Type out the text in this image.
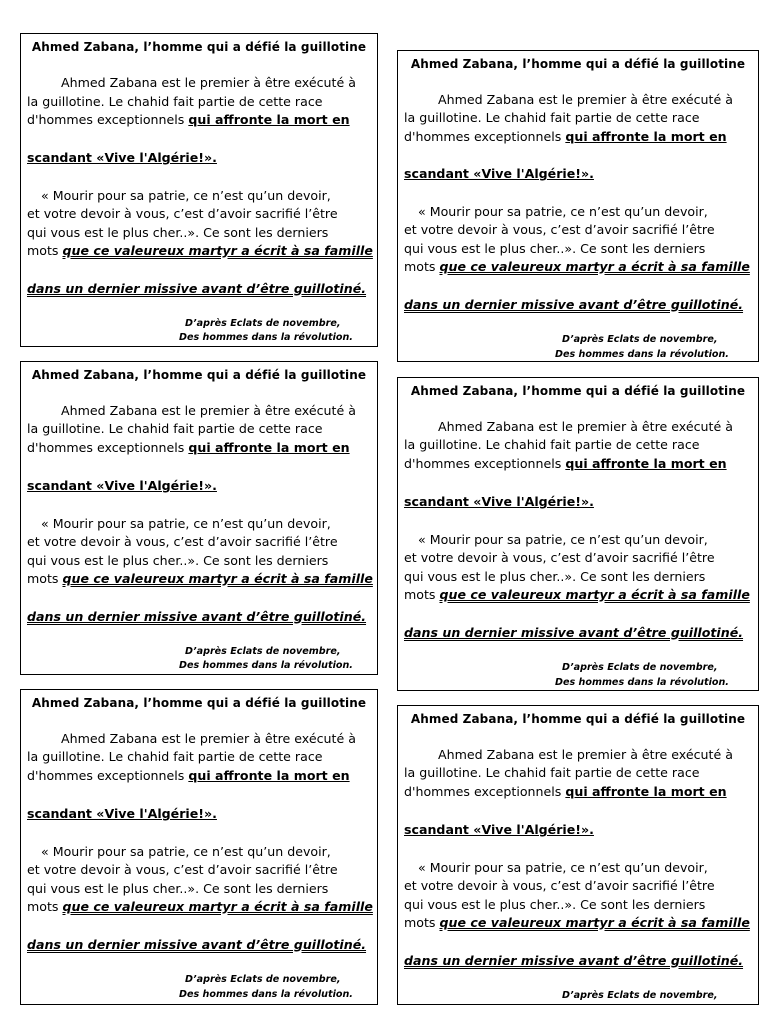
Ahmed Zabana, l’homme qui a défié la guillotine
Ahmed Zabana est le premier à être exécuté à
la guillotine. Le chahid fait partie de cette race
d'hommes exceptionnels qui affronte la mort en
scandant «Vive l'Algérie!».
« Mourir pour sa patrie, ce n’est qu’un devoir,
et votre devoir à vous, c’est d’avoir sacrifié l’être
qui vous est le plus cher..». Ce sont les derniers
mots que ce valeureux martyr a écrit à sa famille
dans un dernier missive avant d’être guillotiné.
D’après Eclats de novembre,
Des hommes dans la révolution.
Ahmed Zabana, l’homme qui a défié la guillotine
Ahmed Zabana est le premier à être exécuté à
la guillotine. Le chahid fait partie de cette race
d'hommes exceptionnels qui affronte la mort en
scandant «Vive l'Algérie!».
« Mourir pour sa patrie, ce n’est qu’un devoir,
et votre devoir à vous, c’est d’avoir sacrifié l’être
qui vous est le plus cher..». Ce sont les derniers
mots que ce valeureux martyr a écrit à sa famille
dans un dernier missive avant d’être guillotiné.
D’après Eclats de novembre,
Des hommes dans la révolution.
Ahmed Zabana, l’homme qui a défié la guillotine
Ahmed Zabana est le premier à être exécuté à
la guillotine. Le chahid fait partie de cette race
d'hommes exceptionnels qui affronte la mort en
scandant «Vive l'Algérie!».
« Mourir pour sa patrie, ce n’est qu’un devoir,
et votre devoir à vous, c’est d’avoir sacrifié l’être
qui vous est le plus cher..». Ce sont les derniers
mots que ce valeureux martyr a écrit à sa famille
dans un dernier missive avant d’être guillotiné.
D’après Eclats de novembre,
Des hommes dans la révolution.
Ahmed Zabana, l’homme qui a défié la guillotine
Ahmed Zabana est le premier à être exécuté à
la guillotine. Le chahid fait partie de cette race
d'hommes exceptionnels qui affronte la mort en
scandant «Vive l'Algérie!».
« Mourir pour sa patrie, ce n’est qu’un devoir,
et votre devoir à vous, c’est d’avoir sacrifié l’être
qui vous est le plus cher..». Ce sont les derniers
mots que ce valeureux martyr a écrit à sa famille
dans un dernier missive avant d’être guillotiné.
D’après Eclats de novembre,
Des hommes dans la révolution.
Ahmed Zabana, l’homme qui a défié la guillotine
Ahmed Zabana est le premier à être exécuté à
la guillotine. Le chahid fait partie de cette race
d'hommes exceptionnels qui affronte la mort en
scandant «Vive l'Algérie!».
« Mourir pour sa patrie, ce n’est qu’un devoir,
et votre devoir à vous, c’est d’avoir sacrifié l’être
qui vous est le plus cher..». Ce sont les derniers
mots que ce valeureux martyr a écrit à sa famille
dans un dernier missive avant d’être guillotiné.
D’après Eclats de novembre,
Des hommes dans la révolution.
Ahmed Zabana, l’homme qui a défié la guillotine
Ahmed Zabana est le premier à être exécuté à
la guillotine. Le chahid fait partie de cette race
d'hommes exceptionnels qui affronte la mort en
scandant «Vive l'Algérie!».
« Mourir pour sa patrie, ce n’est qu’un devoir,
et votre devoir à vous, c’est d’avoir sacrifié l’être
qui vous est le plus cher..». Ce sont les derniers
mots que ce valeureux martyr a écrit à sa famille
dans un dernier missive avant d’être guillotiné.
D’après Eclats de novembre,
